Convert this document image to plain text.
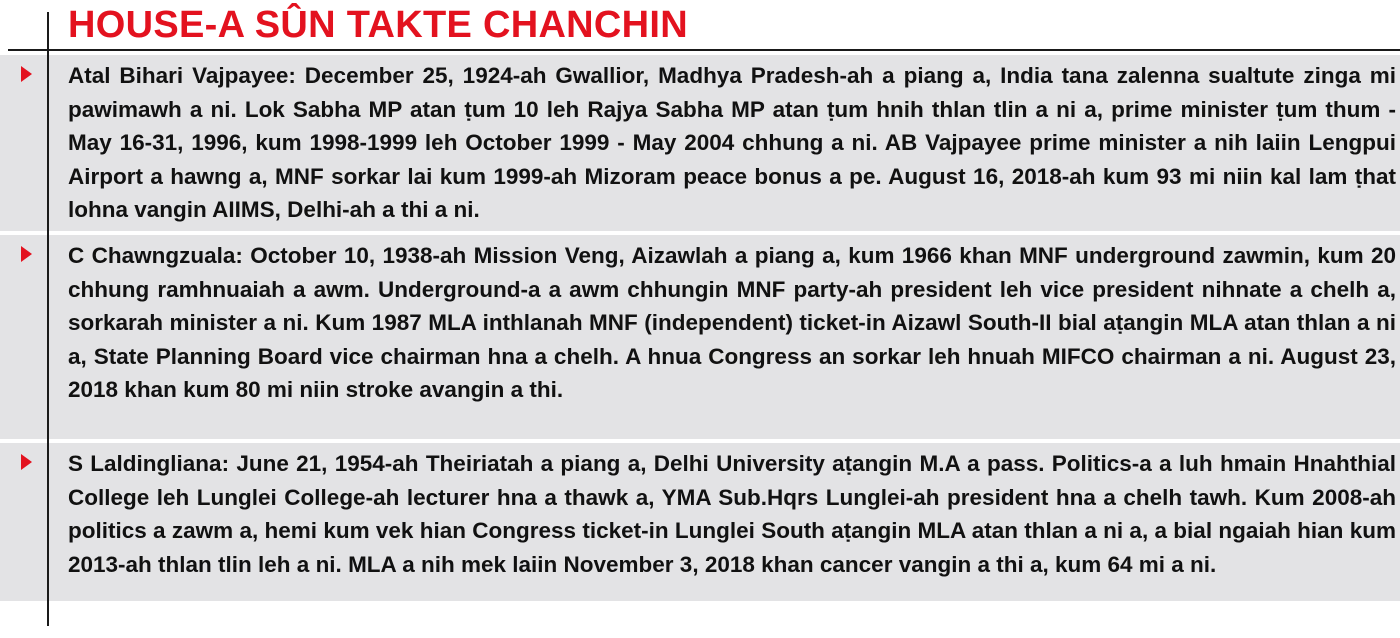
HOUSE-A SÛN TAKTE CHANCHIN

Atal Bihari Vajpayee: December 25, 1924-ah Gwallior, Madhya Pradesh-ah a piang a, India tana zalenna sualtute zinga mi pawimawh a ni. Lok Sabha MP atan ṭum 10 leh Rajya Sabha MP atan ṭum hnih thlan tlin a ni a, prime minister ṭum thum - May 16-31, 1996, kum 1998-1999 leh October 1999 - May 2004 chhung a ni. AB Vajpayee prime minister a nih laiin Lengpui Airport a hawng a, MNF sorkar lai kum 1999-ah Mizoram peace bonus a pe. August 16, 2018-ah kum 93 mi niin kal lam ṭhat lohna vangin AIIMS, Delhi-ah a thi a ni.

C Chawngzuala: October 10, 1938-ah Mission Veng, Aizawlah a piang a, kum 1966 khan MNF underground zawmin, kum 20 chhung ramhnuaiah a awm. Underground-a a awm chhungin MNF party-ah president leh vice president nihnate a chelh a, sorkarah minister a ni. Kum 1987 MLA inthlanah MNF (independent) ticket-in Aizawl South-II bial aṭangin MLA atan thlan a ni a, State Planning Board vice chairman hna a chelh. A hnua Congress an sorkar leh hnuah MIFCO chairman a ni. August 23, 2018 khan kum 80 mi niin stroke avangin a thi.

S Laldingliana: June 21, 1954-ah Theiriatah a piang a, Delhi University aṭangin M.A a pass. Politics-a a luh hmain Hnahthial College leh Lunglei College-ah lecturer hna a thawk a, YMA Sub.Hqrs Lunglei-ah president hna a chelh tawh. Kum 2008-ah politics a zawm a, hemi kum vek hian Congress ticket-in Lunglei South aṭangin MLA atan thlan a ni a, a bial ngaiah hian kum 2013-ah thlan tlin leh a ni. MLA a nih mek laiin November 3, 2018 khan cancer vangin a thi a, kum 64 mi a ni.
